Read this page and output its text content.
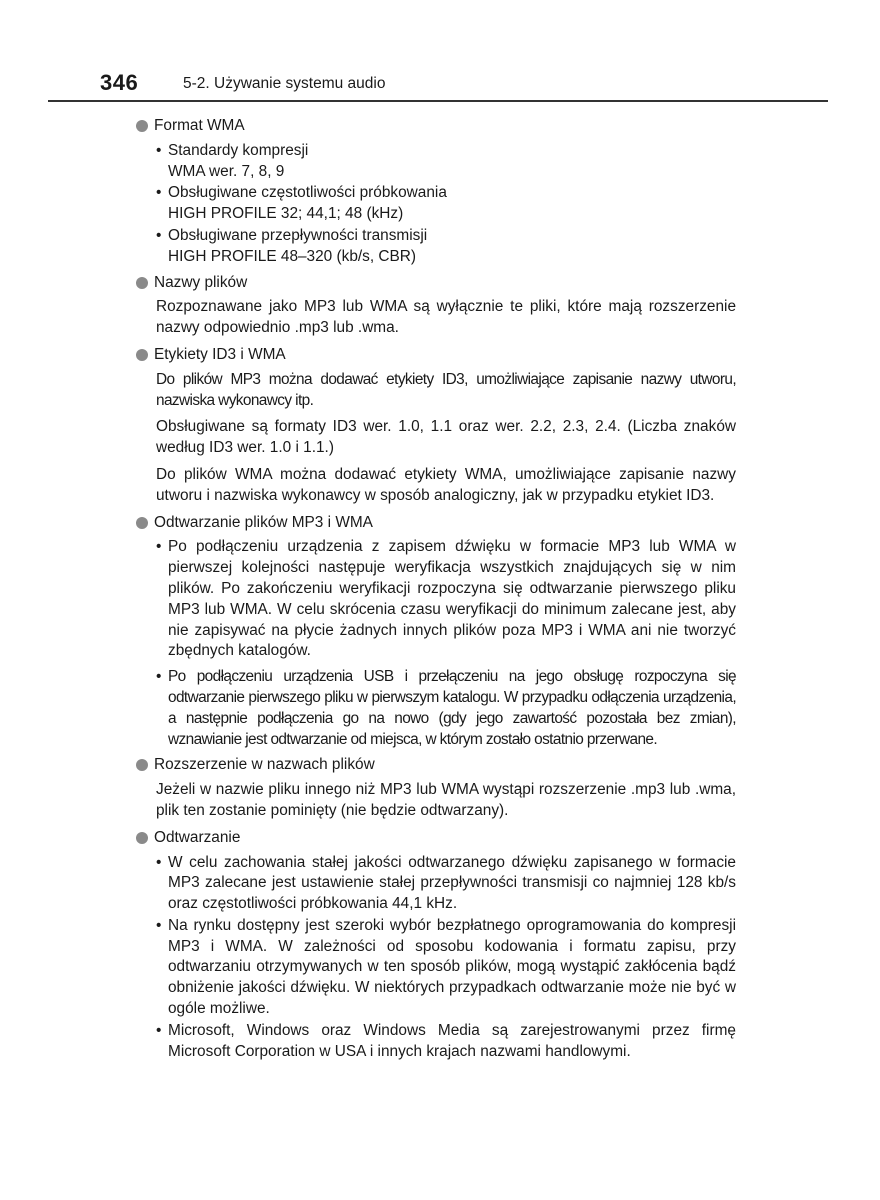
346	5-2. Używanie systemu audio
Format WMA
• Standardy kompresji
WMA wer. 7, 8, 9
• Obsługiwane częstotliwości próbkowania
HIGH PROFILE 32; 44,1; 48 (kHz)
• Obsługiwane przepływności transmisji
HIGH PROFILE 48–320 (kb/s, CBR)
Nazwy plików

Rozpoznawane jako MP3 lub WMA są wyłącznie te pliki, które mają rozszerzenie nazwy odpowiednio .mp3 lub .wma.

Etykiety ID3 i WMA

Do plików MP3 można dodawać etykiety ID3, umożliwiające zapisanie nazwy utworu, nazwiska wykonawcy itp.

Obsługiwane są formaty ID3 wer. 1.0, 1.1 oraz wer. 2.2, 2.3, 2.4. (Liczba znaków według ID3 wer. 1.0 i 1.1.)

Do plików WMA można dodawać etykiety WMA, umożliwiające zapisanie nazwy utworu i nazwiska wykonawcy w sposób analogiczny, jak w przypadku etykiet ID3.

Odtwarzanie plików MP3 i WMA
• Po podłączeniu urządzenia z zapisem dźwięku w formacie MP3 lub WMA w pierwszej kolejności następuje weryfikacja wszystkich znajdujących się w nim plików. Po zakończeniu weryfikacji rozpoczyna się odtwarzanie pierwszego pliku MP3 lub WMA. W celu skrócenia czasu weryfikacji do minimum zalecane jest, aby nie zapisywać na płycie żadnych innych plików poza MP3 i WMA ani nie tworzyć zbędnych katalogów.
• Po podłączeniu urządzenia USB i przełączeniu na jego obsługę rozpoczyna się odtwarzanie pierwszego pliku w pierwszym katalogu. W przypadku odłączenia urządzenia, a następnie podłączenia go na nowo (gdy jego zawartość pozostała bez zmian), wznawianie jest odtwarzanie od miejsca, w którym zostało ostatnio przerwane.
Rozszerzenie w nazwach plików

Jeżeli w nazwie pliku innego niż MP3 lub WMA wystąpi rozszerzenie .mp3 lub .wma, plik ten zostanie pominięty (nie będzie odtwarzany).

Odtwarzanie
• W celu zachowania stałej jakości odtwarzanego dźwięku zapisanego w formacie MP3 zalecane jest ustawienie stałej przepływności transmisji co najmniej 128 kb/s oraz częstotliwości próbkowania 44,1 kHz.
• Na rynku dostępny jest szeroki wybór bezpłatnego oprogramowania do kompresji MP3 i WMA. W zależności od sposobu kodowania i formatu zapisu, przy odtwarzaniu otrzymywanych w ten sposób plików, mogą wystąpić zakłócenia bądź obniżenie jakości dźwięku. W niektórych przypadkach odtwarzanie może nie być w ogóle możliwe.
• Microsoft, Windows oraz Windows Media są zarejestrowanymi przez firmę Microsoft Corporation w USA i innych krajach nazwami handlowymi.
